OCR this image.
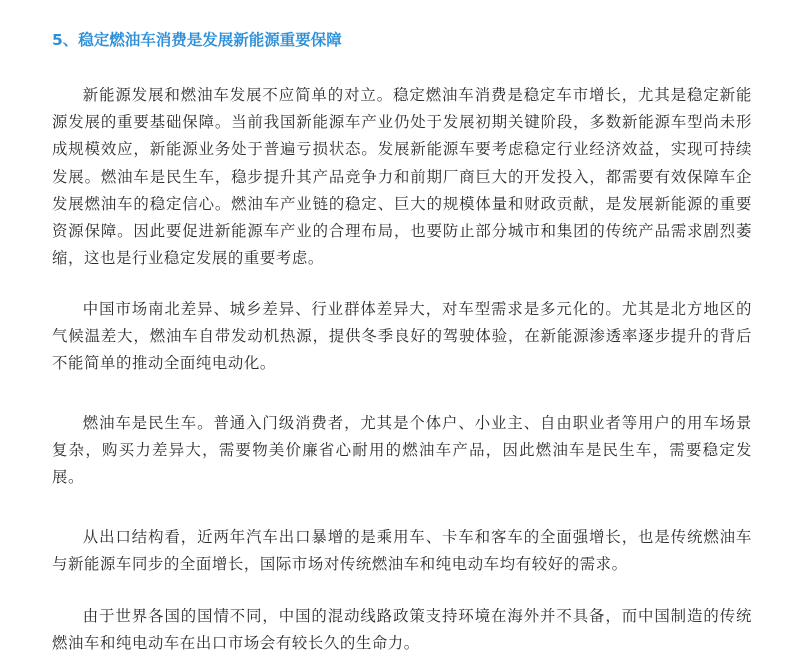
5、稳定燃油车消费是发展新能源重要保障

新能源发展和燃油车发展不应简单的对立。稳定燃油车消费是稳定车市增长，尤其是稳定新能源发展的重要基础保障。当前我国新能源车产业仍处于发展初期关键阶段，多数新能源车型尚未形成规模效应，新能源业务处于普遍亏损状态。发展新能源车要考虑稳定行业经济效益，实现可持续发展。燃油车是民生车，稳步提升其产品竞争力和前期厂商巨大的开发投入，都需要有效保障车企发展燃油车的稳定信心。燃油车产业链的稳定、巨大的规模体量和财政贡献，是发展新能源的重要资源保障。因此要促进新能源车产业的合理布局，也要防止部分城市和集团的传统产品需求剧烈萎缩，这也是行业稳定发展的重要考虑。

中国市场南北差异、城乡差异、行业群体差异大，对车型需求是多元化的。尤其是北方地区的气候温差大，燃油车自带发动机热源，提供冬季良好的驾驶体验，在新能源渗透率逐步提升的背后不能简单的推动全面纯电动化。

燃油车是民生车。普通入门级消费者，尤其是个体户、小业主、自由职业者等用户的用车场景复杂，购买力差异大，需要物美价廉省心耐用的燃油车产品，因此燃油车是民生车，需要稳定发展。

从出口结构看，近两年汽车出口暴增的是乘用车、卡车和客车的全面强增长，也是传统燃油车与新能源车同步的全面增长，国际市场对传统燃油车和纯电动车均有较好的需求。

由于世界各国的国情不同，中国的混动线路政策支持环境在海外并不具备，而中国制造的传统燃油车和纯电动车在出口市场会有较长久的生命力。
